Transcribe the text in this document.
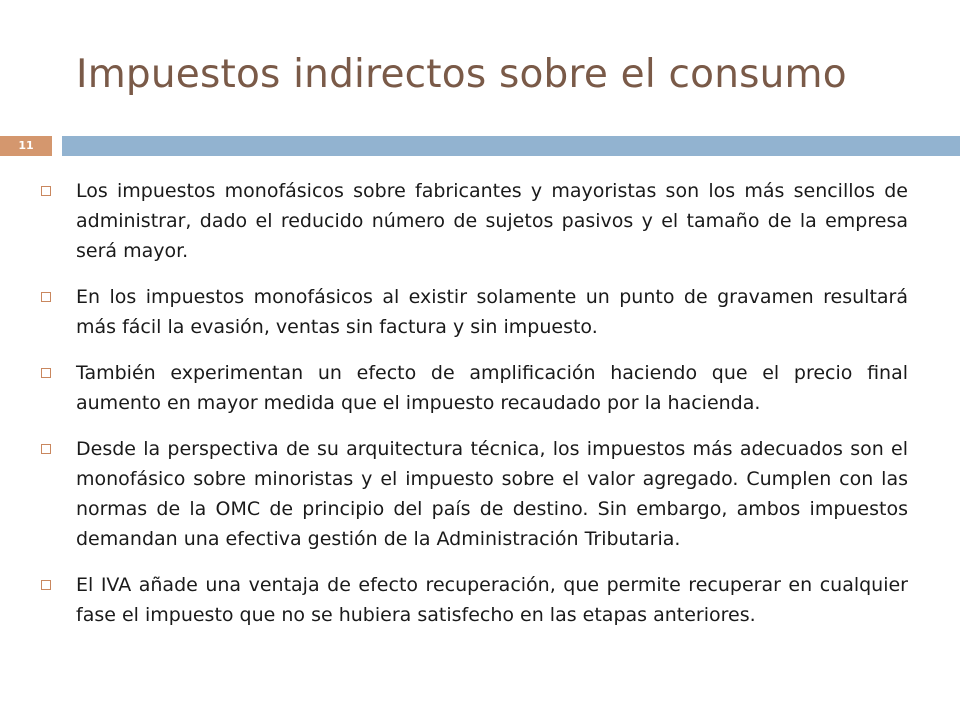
Impuestos indirectos sobre el consumo
11
Los impuestos monofásicos sobre fabricantes y mayoristas son los más sencillos de administrar, dado el reducido número de sujetos pasivos y el tamaño de la empresa será mayor.
En los impuestos monofásicos al existir solamente un punto de gravamen resultará más fácil la evasión, ventas sin factura y sin impuesto.
También experimentan un efecto de amplificación haciendo que el precio final aumento en mayor medida que el impuesto recaudado por la hacienda.
Desde la perspectiva de su arquitectura técnica, los impuestos más adecuados son el monofásico sobre minoristas y el impuesto sobre el valor agregado. Cumplen con las normas de la OMC de principio del país de destino. Sin embargo, ambos impuestos demandan una efectiva gestión de la Administración Tributaria.
El IVA añade una ventaja de efecto recuperación, que permite recuperar en cualquier fase el impuesto que no se hubiera satisfecho en las etapas anteriores.
